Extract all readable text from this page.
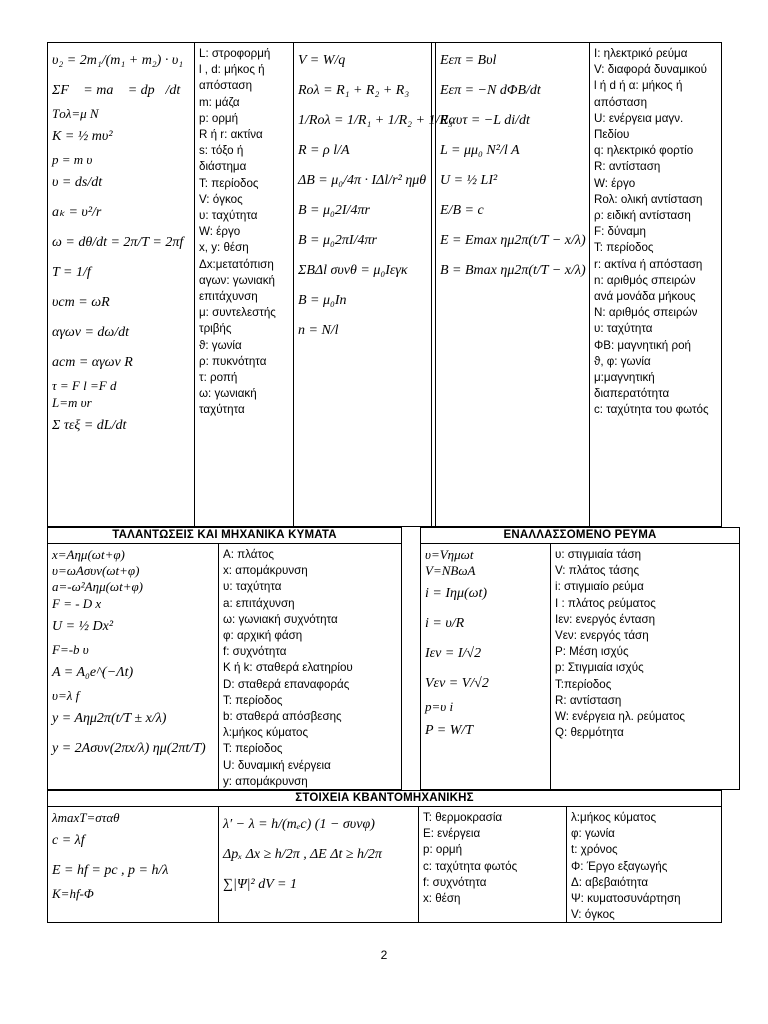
υ₂ = 2m₁/(m₁ + m₂) · υ₁
ΣF⃗ = ma⃗ = dp⃗/dt
Tολ=μ N
K = ½ mυ²
p = m υ
υ = ds/dt
aₖ = υ²/r
ω = dθ/dt = 2π/T = 2πf
T = 1/f
υcm = ωR
αγων = dω/dt
acm = αγων R
τ = F l =F d
L=m υr
Σ τεξ = dL/dt
L: στροφορμή
l , d: μήκος ή απόσταση
m: μάζα
p: ορμή
R ή r: ακτίνα
s: τόξο ή διάστημα
T: περίοδος
V: όγκος
υ: ταχύτητα
W: έργο
x, y: θέση
Δx:μετατόπιση
αγων: γωνιακή επιτάχυνση
μ: συντελεστής τριβής
ϑ: γωνία
ρ: πυκνότητα
τ: ροπή
ω: γωνιακή ταχύτητα
V = W/q
Rολ = R₁ + R₂ + R₃
1/Rολ = 1/R₁ + 1/R₂ + 1/R₃
R = ρ l/A
ΔB = μ₀/4π · IΔl/r² ημθ
B = μ₀2I/4πr
B = μ₀2πI/4πr
ΣBΔl συνθ = μ₀Iεγκ
B = μ₀In
n = N/l
Eεπ = Bυl
Eεπ = −N dΦB/dt
Eαυτ = −L di/dt
L = μμ₀ N²/l A
U = ½ LI²
E/B = c
E = Emax ημ2π(t/T − x/λ)
B = Bmax ημ2π(t/T − x/λ)
I: ηλεκτρικό ρεύμα
V: διαφορά δυναμικού
l ή d ή α: μήκος ή απόσταση
U: ενέργεια μαγν. Πεδίου
q: ηλεκτρικό φορτίο
R: αντίσταση
W: έργο
Rολ: ολική αντίσταση
ρ: ειδική αντίσταση
F: δύναμη
T: περίοδος
r: ακτίνα ή απόσταση
n: αριθμός σπειρών ανά μονάδα μήκους
N: αριθμός σπειρών
υ: ταχύτητα
ΦB: μαγνητική ροή
ϑ, φ: γωνία
μ:μαγνητική διαπερατότητα
c: ταχύτητα του φωτός
ΤΑΛΑΝΤΩΣΕΙΣ ΚΑΙ ΜΗΧΑΝΙΚΑ ΚΥΜΑΤΑ
x=Aημ(ωt+φ)
υ=ωAσυν(ωt+φ)
a=-ω²Aημ(ωt+φ)
F = - D x
U = ½ Dx²
F=-b υ
A = A₀e^(−Λt)
υ=λ f
y = Aημ2π(t/T ± x/λ)
y = 2Aσυν(2πx/λ) ημ(2πt/T)
A: πλάτος
x: απομάκρυνση
υ: ταχύτητα
a: επιτάχυνση
ω: γωνιακή συχνότητα
φ: αρχική φάση
f: συχνότητα
K ή k: σταθερά ελατηρίου
D: σταθερά επαναφοράς
T: περίοδος
b: σταθερά απόσβεσης
λ:μήκος κύματος
T: περίοδος
U: δυναμική ενέργεια
y: απομάκρυνση
ΕΝΑΛΛΑΣΣΟΜΕΝΟ ΡΕΥΜΑ
υ=Vημωt
V=NBωA
i = Iημ(ωt)
i = υ/R
Iεν = I/√2
Vεν = V/√2
p=υ i
P = W/T
υ: στιγμιαία τάση
V: πλάτος τάσης
i: στιγμιαίο ρεύμα
I : πλάτος ρεύματος
Iεν: ενεργός ένταση
Vεν: ενεργός τάση
P: Μέση ισχύς
p: Στιγμιαία ισχύς
T:περίοδος
R: αντίσταση
W: ενέργεια ηλ. ρεύματος
Q: θερμότητα
ΣΤΟΙΧΕΙΑ ΚΒΑΝΤΟΜΗΧΑΝΙΚΗΣ
λmaxT=σταθ
c = λf
E = hf = pc , p = h/λ
K=hf-Φ
λ′ − λ = h/(mₑc) (1 − συνφ)
Δpₓ Δx ≥ h/2π , ΔE Δt ≥ h/2π
∑|Ψ|² dV = 1
T: θερμοκρασία
E: ενέργεια
p: ορμή
c: ταχύτητα φωτός
f: συχνότητα
x: θέση
λ:μήκος κύματος
φ: γωνία
t: χρόνος
Φ: Έργο εξαγωγής
Δ: αβεβαιότητα
Ψ: κυματοσυνάρτηση
V: όγκος
2
